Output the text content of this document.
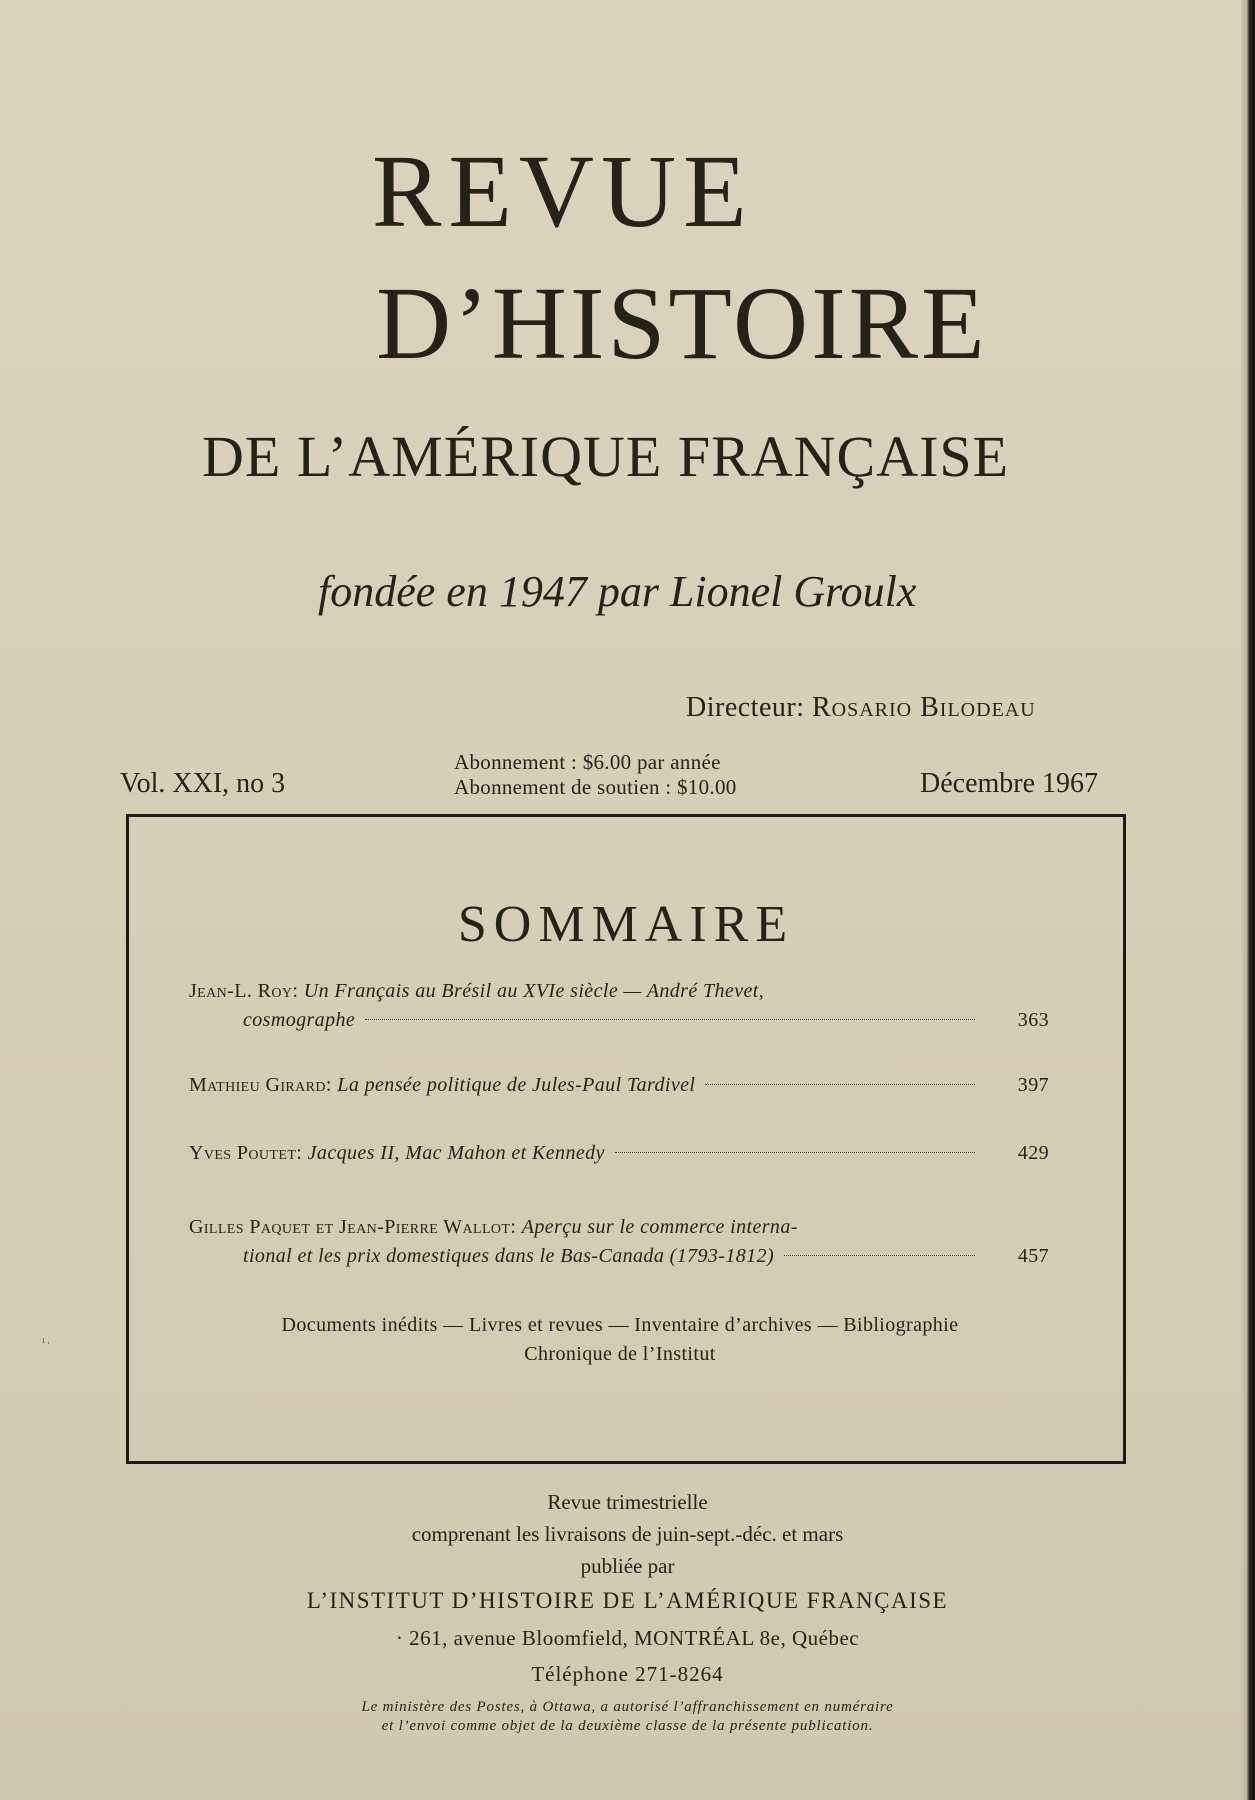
REVUE
D’HISTOIRE
DE L’AMÉRIQUE FRANÇAISE
fondée en 1947 par Lionel Groulx
Directeur: Rosario Bilodeau
Vol. XXI, no 3
Abonnement : $6.00 par année
Abonnement de soutien : $10.00	Décembre 1967
SOMMAIRE
Jean-L. Roy:
Un Français au Brésil au XVIe siècle — André Thevet,
cosmographe	363
Mathieu Girard:
La pensée politique de Jules-Paul Tardivel	397
Yves Poutet:
Jacques II, Mac Mahon et Kennedy	429
Gilles Paquet et Jean-Pierre Wallot:
Aperçu sur le commerce interna-
tional et les prix domestiques dans le Bas-Canada (1793-1812)	457
Documents inédits — Livres et revues — Inventaire d’archives — Bibliographie
Chronique de l’Institut
ı ,
Revue trimestrielle
comprenant les livraisons de juin-sept.-déc. et mars
publiée par
L’INSTITUT D’HISTOIRE DE L’AMÉRIQUE FRANÇAISE
· 261, avenue Bloomfield, MONTRÉAL 8e, Québec
Téléphone 271-8264
Le ministère des Postes, à Ottawa, a autorisé l’affranchissement en numéraire
et l’envoi comme objet de la deuxième classe de la présente publication.
